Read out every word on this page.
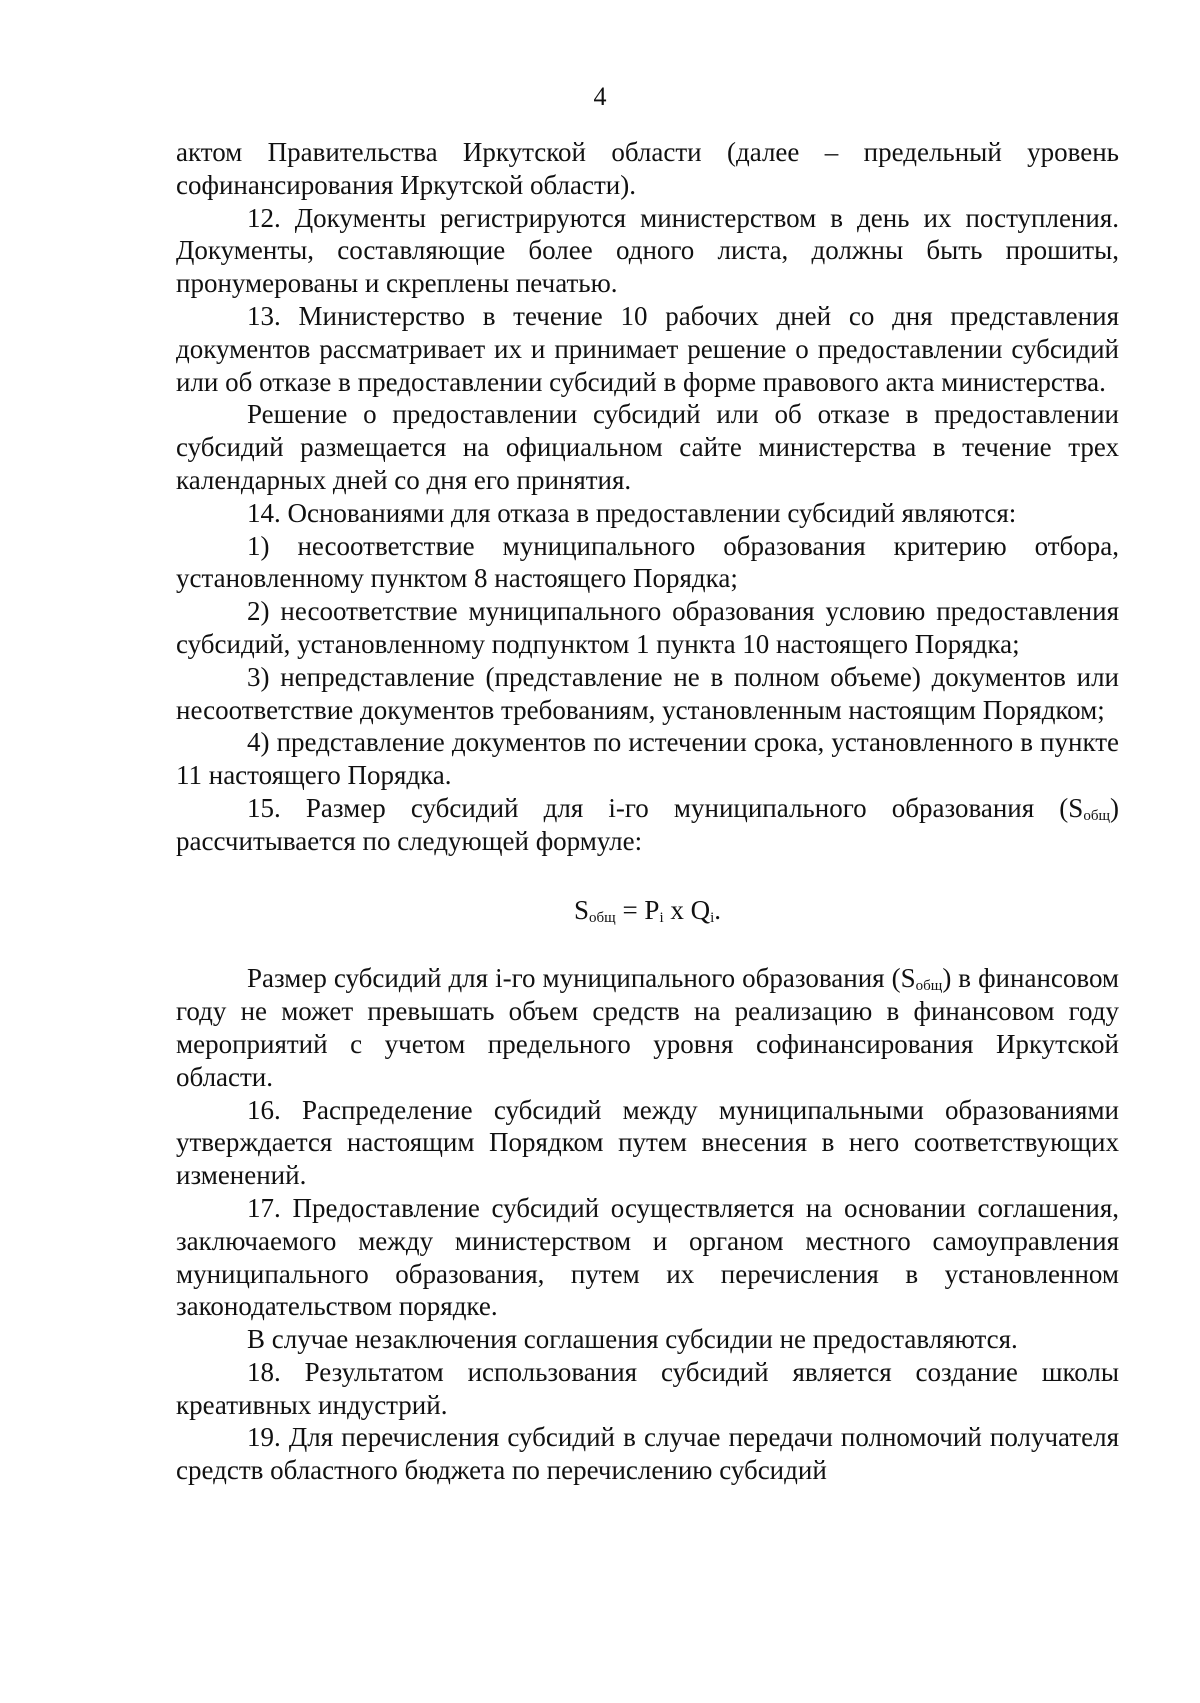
4

актом Правительства Иркутской области (далее – предельный уровень софинансирования Иркутской области).

12. Документы регистрируются министерством в день их поступления. Документы, составляющие более одного листа, должны быть прошиты, пронумерованы и скреплены печатью.

13. Министерство в течение 10 рабочих дней со дня представления документов рассматривает их и принимает решение о предоставлении субсидий или об отказе в предоставлении субсидий в форме правового акта министерства.

Решение о предоставлении субсидий или об отказе в предоставлении субсидий размещается на официальном сайте министерства в течение трех календарных дней со дня его принятия.

14. Основаниями для отказа в предоставлении субсидий являются:

1) несоответствие муниципального образования критерию отбора, установленному пунктом 8 настоящего Порядка;

2) несоответствие муниципального образования условию предоставления субсидий, установленному подпунктом 1 пункта 10 настоящего Порядка;

3) непредставление (представление не в полном объеме) документов или несоответствие документов требованиям, установленным настоящим Порядком;

4) представление документов по истечении срока, установленного в пункте 11 настоящего Порядка.

15. Размер субсидий для i-го муниципального образования $(S_{общ})$ рассчитывается по следующей формуле:

$S_{общ} = P_i$ x $Q_i$.

Размер субсидий для i-го муниципального образования $(S_{общ})$ в финансовом году не может превышать объем средств на реализацию в финансовом году мероприятий с учетом предельного уровня софинансирования Иркутской области.

16. Распределение субсидий между муниципальными образованиями утверждается настоящим Порядком путем внесения в него соответствующих изменений.

17. Предоставление субсидий осуществляется на основании соглашения, заключаемого между министерством и органом местного самоуправления муниципального образования, путем их перечисления в установленном законодательством порядке.

В случае незаключения соглашения субсидии не предоставляются.

18. Результатом использования субсидий является создание школы креативных индустрий.

19. Для перечисления субсидий в случае передачи полномочий получателя средств областного бюджета по перечислению субсидий
